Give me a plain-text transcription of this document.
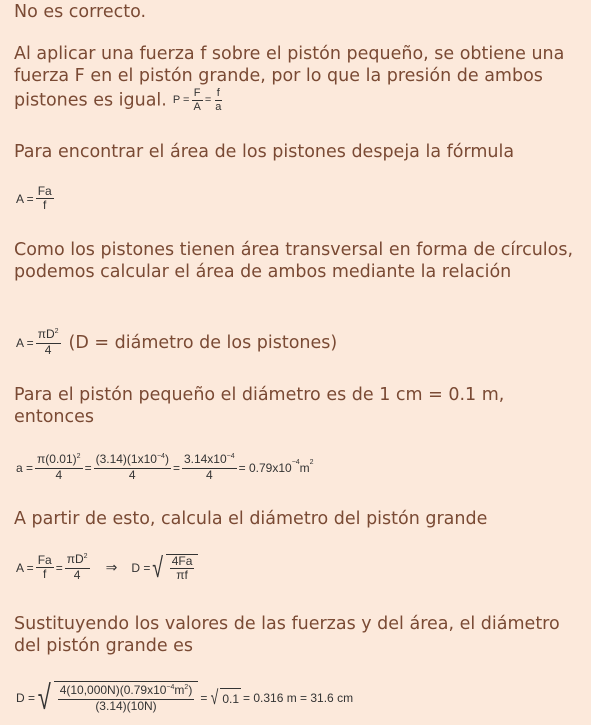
No es correcto.

Al aplicar una fuerza f sobre el pistón pequeño, se obtiene una fuerza F en el pistón grande, por lo que la presión de ambos pistones es igual. $P = \frac{F}{A} = \frac{f}{a}$

Para encontrar el área de los pistones despeja la fórmula

$A = \frac{Fa}{f}$

Como los pistones tienen área transversal en forma de círculos, podemos calcular el área de ambos mediante la relación

$A = \frac{\pi D^2}{4} (D$ = diámetro de los pistones)

Para el pistón pequeño el diámetro es de 1 cm = 0.1 m, entonces

$a = \frac{\pi(0.01)^2}{4} = \frac{(3.14)(1x10^{-4})}{4} = \frac{3.14x10^{-4}}{4} = 0.79x10 -4$ m 2

A partir de esto, calcula el diámetro del pistón grande

$A = \frac{Fa}{f} = \frac{\pi D^2}{4}$ ⇒ D = √ $\frac{4Fa}{\pi f}$

Sustituyendo los valores de las fuerzas y del área, el diámetro del pistón grande es

D = √ $\frac{4(10,000N)(0.79x10^{-4}m^2)}{(3.14)(10N)}$ = √ 0.1 = 0.316 m = 31.6 cm
